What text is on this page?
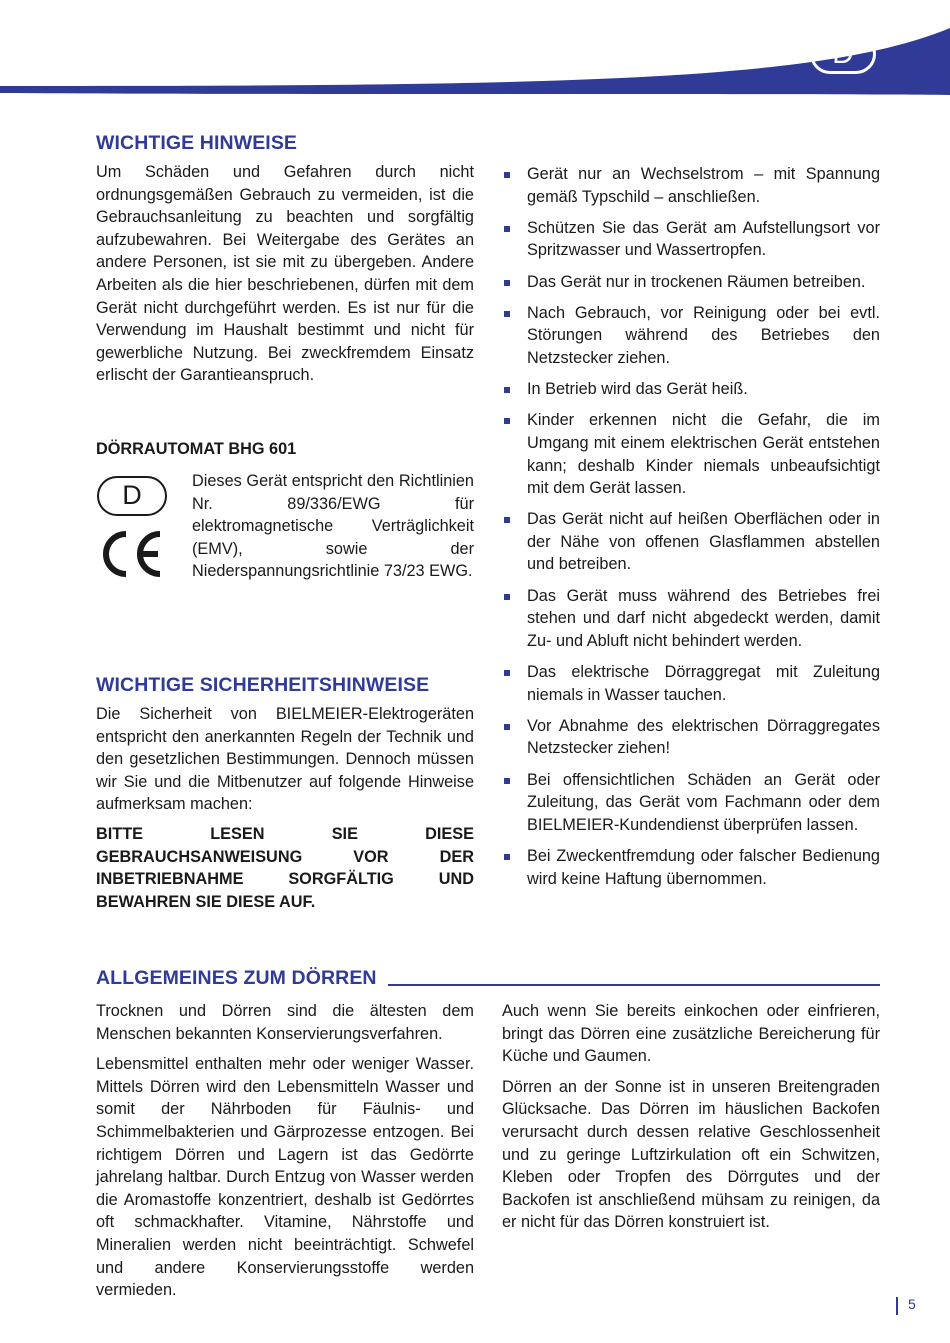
D
WICHTIGE HINWEISE

Um Schäden und Gefahren durch nicht ordnungsgemäßen Gebrauch zu vermeiden, ist die Gebrauchsanleitung zu beachten und sorgfältig aufzubewahren. Bei Weitergabe des Gerätes an andere Personen, ist sie mit zu übergeben. Andere Arbeiten als die hier beschriebenen, dürfen mit dem Gerät nicht durchgeführt werden. Es ist nur für die Verwendung im Haushalt bestimmt und nicht für gewerbliche Nutzung. Bei zweckfremdem Einsatz erlischt der Garantieanspruch.

DÖRRAUTOMAT BHG 601
D	Dieses Gerät entspricht den Richtlinien Nr. 89/336/EWG für elektromagnetische Verträglichkeit (EMV), sowie der Niederspannungsrichtlinie 73/23 EWG.

WICHTIGE SICHERHEITSHINWEISE

Die Sicherheit von BIELMEIER-Elektrogeräten entspricht den anerkannten Regeln der Technik und den gesetzlichen Bestimmungen. Dennoch müssen wir Sie und die Mitbenutzer auf folgende Hinweise aufmerksam machen:

BITTE LESEN SIE DIESE GEBRAUCHSANWEISUNG VOR DER INBETRIEBNAHME SORGFÄLTIG UND BEWAHREN SIE DIESE AUF.

Gerät nur an Wechselstrom – mit Spannung gemäß Typschild – anschließen.
Schützen Sie das Gerät am Aufstellungsort vor Spritzwasser und Wassertropfen.
Das Gerät nur in trockenen Räumen betreiben.
Nach Gebrauch, vor Reinigung oder bei evtl. Störungen während des Betriebes den Netzstecker ziehen.
In Betrieb wird das Gerät heiß.
Kinder erkennen nicht die Gefahr, die im Umgang mit einem elektrischen Gerät entstehen kann; deshalb Kinder niemals unbeaufsichtigt mit dem Gerät lassen.
Das Gerät nicht auf heißen Oberflächen oder in der Nähe von offenen Glasflammen abstellen und betreiben.
Das Gerät muss während des Betriebes frei stehen und darf nicht abgedeckt werden, damit Zu- und Abluft nicht behindert werden.
Das elektrische Dörraggregat mit Zuleitung niemals in Wasser tauchen.
Vor Abnahme des elektrischen Dörraggregates Netzstecker ziehen!
Bei offensichtlichen Schäden an Gerät oder Zuleitung, das Gerät vom Fachmann oder dem BIELMEIER-Kundendienst überprüfen lassen.
Bei Zweckentfremdung oder falscher Bedienung wird keine Haftung übernommen.
ALLGEMEINES ZUM DÖRREN

Trocknen und Dörren sind die ältesten dem Menschen bekannten Konservierungsverfahren.

Lebensmittel enthalten mehr oder weniger Wasser. Mittels Dörren wird den Lebensmitteln Wasser und somit der Nährboden für Fäulnis- und Schimmelbakterien und Gärprozesse entzogen. Bei richtigem Dörren und Lagern ist das Gedörrte jahrelang haltbar. Durch Entzug von Wasser werden die Aromastoffe konzentriert, deshalb ist Gedörrtes oft schmackhafter. Vitamine, Nährstoffe und Mineralien werden nicht beeinträchtigt. Schwefel und andere Konservierungsstoffe werden vermieden.

Auch wenn Sie bereits einkochen oder einfrieren, bringt das Dörren eine zusätzliche Bereicherung für Küche und Gaumen.

Dörren an der Sonne ist in unseren Breitengraden Glücksache. Das Dörren im häuslichen Backofen verursacht durch dessen relative Geschlossenheit und zu geringe Luftzirkulation oft ein Schwitzen, Kleben oder Tropfen des Dörrgutes und der Backofen ist anschließend mühsam zu reinigen, da er nicht für das Dörren konstruiert ist.

5
